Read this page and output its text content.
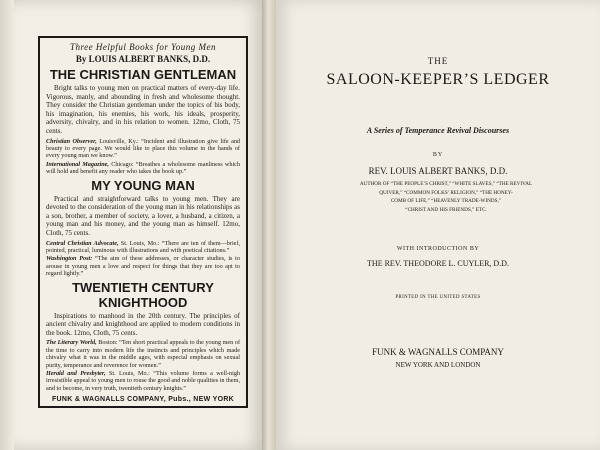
Three Helpful Books for Young Men
By LOUIS ALBERT BANKS, D.D.
THE CHRISTIAN GENTLEMAN

Bright talks to young men on practical matters of every-day life. Vigorous, manly, and abounding in fresh and wholesome thought. They consider the Christian gentleman under the topics of his body, his imagination, his enemies, his work, his ideals, prosperity, adversity, chivalry, and in his relation to women. 12mo, Cloth, 75 cents.

Christian Observer, Louisville, Ky.: “Incident and illustration give life and beauty to every page. We would like to place this volume in the hands of every young man we know.”

International Magazine, Chicago: “Breathes a wholesome manliness which will hold and benefit any reader who takes the book up.”

MY YOUNG MAN

Practical and straightforward talks to young men. They are devoted to the consideration of the young man in his relationships as a son, brother, a member of society, a lover, a husband, a citizen, a young man and his money, and the young man as himself. 12mo, Cloth, 75 cents.

Central Christian Advocate, St. Louis, Mo.: “There are ten of them—brief, pointed, practical, luminous with illustrations and with poetical citations.”

Washington Post: “The aim of these addresses, or character studies, is to arouse in young men a love and respect for things that they are too apt to regard lightly.”

TWENTIETH CENTURY KNIGHTHOOD

Inspirations to manhood in the 20th century. The principles of ancient chivalry and knighthood are applied to modern conditions in the book. 12mo, Cloth, 75 cents.

The Literary World, Boston: “Ten short practical appeals to the young men of the time to carry into modern life the instincts and principles which made chivalry what it was in the middle ages, with especial emphasis on sexual purity, temperance and reverence for women.”

Herald and Presbyter, St. Louis, Mo.: “This volume forms a well-nigh irresistible appeal to young men to rouse the good and noble qualities in them, and to become, in very truth, twentieth century knights.”

FUNK & WAGNALLS COMPANY, Pubs., NEW YORK
THE
SALOON-KEEPER’S LEDGER
A Series of Temperance Revival Discourses
BY
REV. LOUIS ALBERT BANKS, D.D.
AUTHOR OF “THE PEOPLE’S CHRIST,” “WHITE SLAVES,” “THE REVIVAL
QUIVER,” “COMMON FOLKS’ RELIGION,” “THE HONEY-
COMB OF LIFE,” “HEAVENLY TRADE-WINDS,”
“CHRIST AND HIS FRIENDS,” ETC.
WITH INTRODUCTION BY
THE REV. THEODORE L. CUYLER, D.D.
PRINTED IN THE UNITED STATES
FUNK & WAGNALLS COMPANY
NEW YORK AND LONDON
